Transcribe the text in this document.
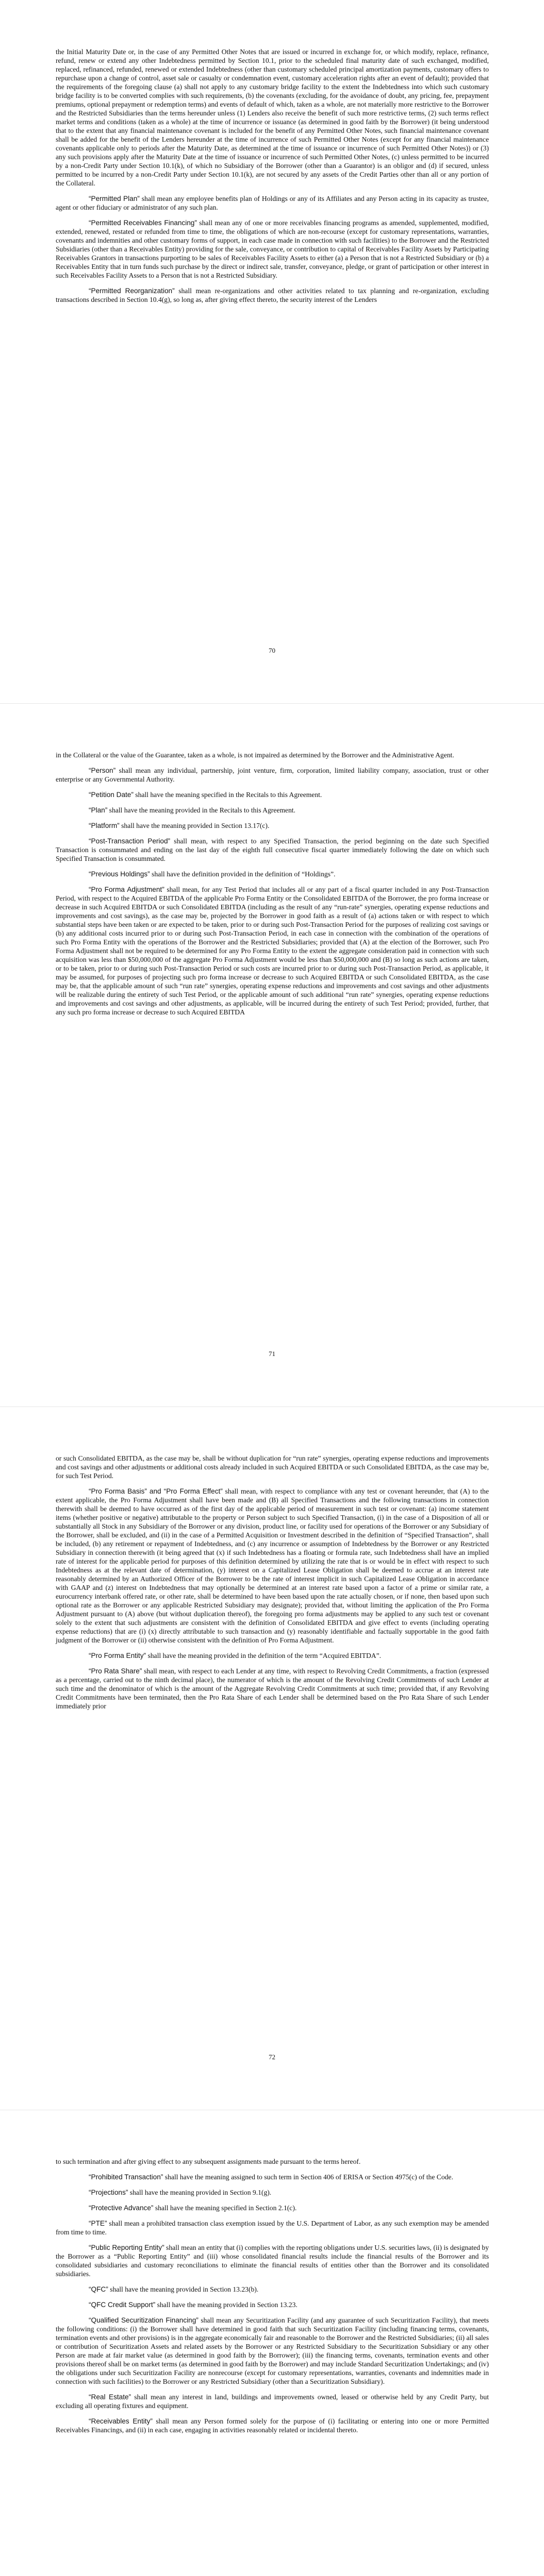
the Initial Maturity Date or, in the case of any Permitted Other Notes that are issued or incurred in exchange for, or which modify, replace, refinance, refund, renew or extend any other Indebtedness permitted by Section 10.1, prior to the scheduled final maturity date of such exchanged, modified, replaced, refinanced, refunded, renewed or extended Indebtedness (other than customary scheduled principal amortization payments, customary offers to repurchase upon a change of control, asset sale or casualty or condemnation event, customary acceleration rights after an event of default); provided that the requirements of the foregoing clause (a) shall not apply to any customary bridge facility to the extent the Indebtedness into which such customary bridge facility is to be converted complies with such requirements, (b) the covenants (excluding, for the avoidance of doubt, any pricing, fee, prepayment premiums, optional prepayment or redemption terms) and events of default of which, taken as a whole, are not materially more restrictive to the Borrower and the Restricted Subsidiaries than the terms hereunder unless (1) Lenders also receive the benefit of such more restrictive terms, (2) such terms reflect market terms and conditions (taken as a whole) at the time of incurrence or issuance (as determined in good faith by the Borrower) (it being understood that to the extent that any financial maintenance covenant is included for the benefit of any Permitted Other Notes, such financial maintenance covenant shall be added for the benefit of the Lenders hereunder at the time of incurrence of such Permitted Other Notes (except for any financial maintenance covenants applicable only to periods after the Maturity Date, as determined at the time of issuance or incurrence of such Permitted Other Notes)) or (3) any such provisions apply after the Maturity Date at the time of issuance or incurrence of such Permitted Other Notes, (c) unless permitted to be incurred by a non-Credit Party under Section 10.1(k), of which no Subsidiary of the Borrower (other than a Guarantor) is an obligor and (d) if secured, unless permitted to be incurred by a non-Credit Party under Section 10.1(k), are not secured by any assets of the Credit Parties other than all or any portion of the Collateral.

“Permitted Plan” shall mean any employee benefits plan of Holdings or any of its Affiliates and any Person acting in its capacity as trustee, agent or other fiduciary or administrator of any such plan.

“Permitted Receivables Financing” shall mean any of one or more receivables financing programs as amended, supplemented, modified, extended, renewed, restated or refunded from time to time, the obligations of which are non-recourse (except for customary representations, warranties, covenants and indemnities and other customary forms of support, in each case made in connection with such facilities) to the Borrower and the Restricted Subsidiaries (other than a Receivables Entity) providing for the sale, conveyance, or contribution to capital of Receivables Facility Assets by Participating Receivables Grantors in transactions purporting to be sales of Receivables Facility Assets to either (a) a Person that is not a Restricted Subsidiary or (b) a Receivables Entity that in turn funds such purchase by the direct or indirect sale, transfer, conveyance, pledge, or grant of participation or other interest in such Receivables Facility Assets to a Person that is not a Restricted Subsidiary.

“Permitted Reorganization” shall mean re-organizations and other activities related to tax planning and re-organization, excluding transactions described in Section 10.4(g), so long as, after giving effect thereto, the security interest of the Lenders

70

in the Collateral or the value of the Guarantee, taken as a whole, is not impaired as determined by the Borrower and the Administrative Agent.

“Person” shall mean any individual, partnership, joint venture, firm, corporation, limited liability company, association, trust or other enterprise or any Governmental Authority.

“Petition Date” shall have the meaning specified in the Recitals to this Agreement.

“Plan” shall have the meaning provided in the Recitals to this Agreement.

“Platform” shall have the meaning provided in Section 13.17(c).

“Post-Transaction Period” shall mean, with respect to any Specified Transaction, the period beginning on the date such Specified Transaction is consummated and ending on the last day of the eighth full consecutive fiscal quarter immediately following the date on which such Specified Transaction is consummated.

“Previous Holdings” shall have the definition provided in the definition of “Holdings”.

“Pro Forma Adjustment” shall mean, for any Test Period that includes all or any part of a fiscal quarter included in any Post-Transaction Period, with respect to the Acquired EBITDA of the applicable Pro Forma Entity or the Consolidated EBITDA of the Borrower, the pro forma increase or decrease in such Acquired EBITDA or such Consolidated EBITDA (including as the result of any “run-rate” synergies, operating expense reductions and improvements and cost savings), as the case may be, projected by the Borrower in good faith as a result of (a) actions taken or with respect to which substantial steps have been taken or are expected to be taken, prior to or during such Post-Transaction Period for the purposes of realizing cost savings or (b) any additional costs incurred prior to or during such Post-Transaction Period, in each case in connection with the combination of the operations of such Pro Forma Entity with the operations of the Borrower and the Restricted Subsidiaries; provided that (A) at the election of the Borrower, such Pro Forma Adjustment shall not be required to be determined for any Pro Forma Entity to the extent the aggregate consideration paid in connection with such acquisition was less than $50,000,000 of the aggregate Pro Forma Adjustment would be less than $50,000,000 and (B) so long as such actions are taken, or to be taken, prior to or during such Post-Transaction Period or such costs are incurred prior to or during such Post-Transaction Period, as applicable, it may be assumed, for purposes of projecting such pro forma increase or decrease to such Acquired EBITDA or such Consolidated EBITDA, as the case may be, that the applicable amount of such “run rate” synergies, operating expense reductions and improvements and cost savings and other adjustments will be realizable during the entirety of such Test Period, or the applicable amount of such additional “run rate” synergies, operating expense reductions and improvements and cost savings and other adjustments, as applicable, will be incurred during the entirety of such Test Period; provided, further, that any such pro forma increase or decrease to such Acquired EBITDA

71

or such Consolidated EBITDA, as the case may be, shall be without duplication for “run rate” synergies, operating expense reductions and improvements and cost savings and other adjustments or additional costs already included in such Acquired EBITDA or such Consolidated EBITDA, as the case may be, for such Test Period.

“Pro Forma Basis” and “Pro Forma Effect” shall mean, with respect to compliance with any test or covenant hereunder, that (A) to the extent applicable, the Pro Forma Adjustment shall have been made and (B) all Specified Transactions and the following transactions in connection therewith shall be deemed to have occurred as of the first day of the applicable period of measurement in such test or covenant: (a) income statement items (whether positive or negative) attributable to the property or Person subject to such Specified Transaction, (i) in the case of a Disposition of all or substantially all Stock in any Subsidiary of the Borrower or any division, product line, or facility used for operations of the Borrower or any Subsidiary of the Borrower, shall be excluded, and (ii) in the case of a Permitted Acquisition or Investment described in the definition of “Specified Transaction”, shall be included, (b) any retirement or repayment of Indebtedness, and (c) any incurrence or assumption of Indebtedness by the Borrower or any Restricted Subsidiary in connection therewith (it being agreed that (x) if such Indebtedness has a floating or formula rate, such Indebtedness shall have an implied rate of interest for the applicable period for purposes of this definition determined by utilizing the rate that is or would be in effect with respect to such Indebtedness as at the relevant date of determination, (y) interest on a Capitalized Lease Obligation shall be deemed to accrue at an interest rate reasonably determined by an Authorized Officer of the Borrower to be the rate of interest implicit in such Capitalized Lease Obligation in accordance with GAAP and (z) interest on Indebtedness that may optionally be determined at an interest rate based upon a factor of a prime or similar rate, a eurocurrency interbank offered rate, or other rate, shall be determined to have been based upon the rate actually chosen, or if none, then based upon such optional rate as the Borrower or any applicable Restricted Subsidiary may designate); provided that, without limiting the application of the Pro Forma Adjustment pursuant to (A) above (but without duplication thereof), the foregoing pro forma adjustments may be applied to any such test or covenant solely to the extent that such adjustments are consistent with the definition of Consolidated EBITDA and give effect to events (including operating expense reductions) that are (i) (x) directly attributable to such transaction and (y) reasonably identifiable and factually supportable in the good faith judgment of the Borrower or (ii) otherwise consistent with the definition of Pro Forma Adjustment.

“Pro Forma Entity” shall have the meaning provided in the definition of the term “Acquired EBITDA”.

“Pro Rata Share” shall mean, with respect to each Lender at any time, with respect to Revolving Credit Commitments, a fraction (expressed as a percentage, carried out to the ninth decimal place), the numerator of which is the amount of the Revolving Credit Commitments of such Lender at such time and the denominator of which is the amount of the Aggregate Revolving Credit Commitments at such time; provided that, if any Revolving Credit Commitments have been terminated, then the Pro Rata Share of each Lender shall be determined based on the Pro Rata Share of such Lender immediately prior

72

to such termination and after giving effect to any subsequent assignments made pursuant to the terms hereof.

“Prohibited Transaction” shall have the meaning assigned to such term in Section 406 of ERISA or Section 4975(c) of the Code.

“Projections” shall have the meaning provided in Section 9.1(g).

“Protective Advance” shall have the meaning specified in Section 2.1(c).

“PTE” shall mean a prohibited transaction class exemption issued by the U.S. Department of Labor, as any such exemption may be amended from time to time.

“Public Reporting Entity” shall mean an entity that (i) complies with the reporting obligations under U.S. securities laws, (ii) is designated by the Borrower as a “Public Reporting Entity” and (iii) whose consolidated financial results include the financial results of the Borrower and its consolidated subsidiaries and customary reconciliations to eliminate the financial results of entities other than the Borrower and its consolidated subsidiaries.

“QFC” shall have the meaning provided in Section 13.23(b).

“QFC Credit Support” shall have the meaning provided in Section 13.23.

“Qualified Securitization Financing” shall mean any Securitization Facility (and any guarantee of such Securitization Facility), that meets the following conditions: (i) the Borrower shall have determined in good faith that such Securitization Facility (including financing terms, covenants, termination events and other provisions) is in the aggregate economically fair and reasonable to the Borrower and the Restricted Subsidiaries; (ii) all sales or contribution of Securitization Assets and related assets by the Borrower or any Restricted Subsidiary to the Securitization Subsidiary or any other Person are made at fair market value (as determined in good faith by the Borrower); (iii) the financing terms, covenants, termination events and other provisions thereof shall be on market terms (as determined in good faith by the Borrower) and may include Standard Securitization Undertakings; and (iv) the obligations under such Securitization Facility are nonrecourse (except for customary representations, warranties, covenants and indemnities made in connection with such facilities) to the Borrower or any Restricted Subsidiary (other than a Securitization Subsidiary).

“Real Estate” shall mean any interest in land, buildings and improvements owned, leased or otherwise held by any Credit Party, but excluding all operating fixtures and equipment.

“Receivables Entity” shall mean any Person formed solely for the purpose of (i) facilitating or entering into one or more Permitted Receivables Financings, and (ii) in each case, engaging in activities reasonably related or incidental thereto.
